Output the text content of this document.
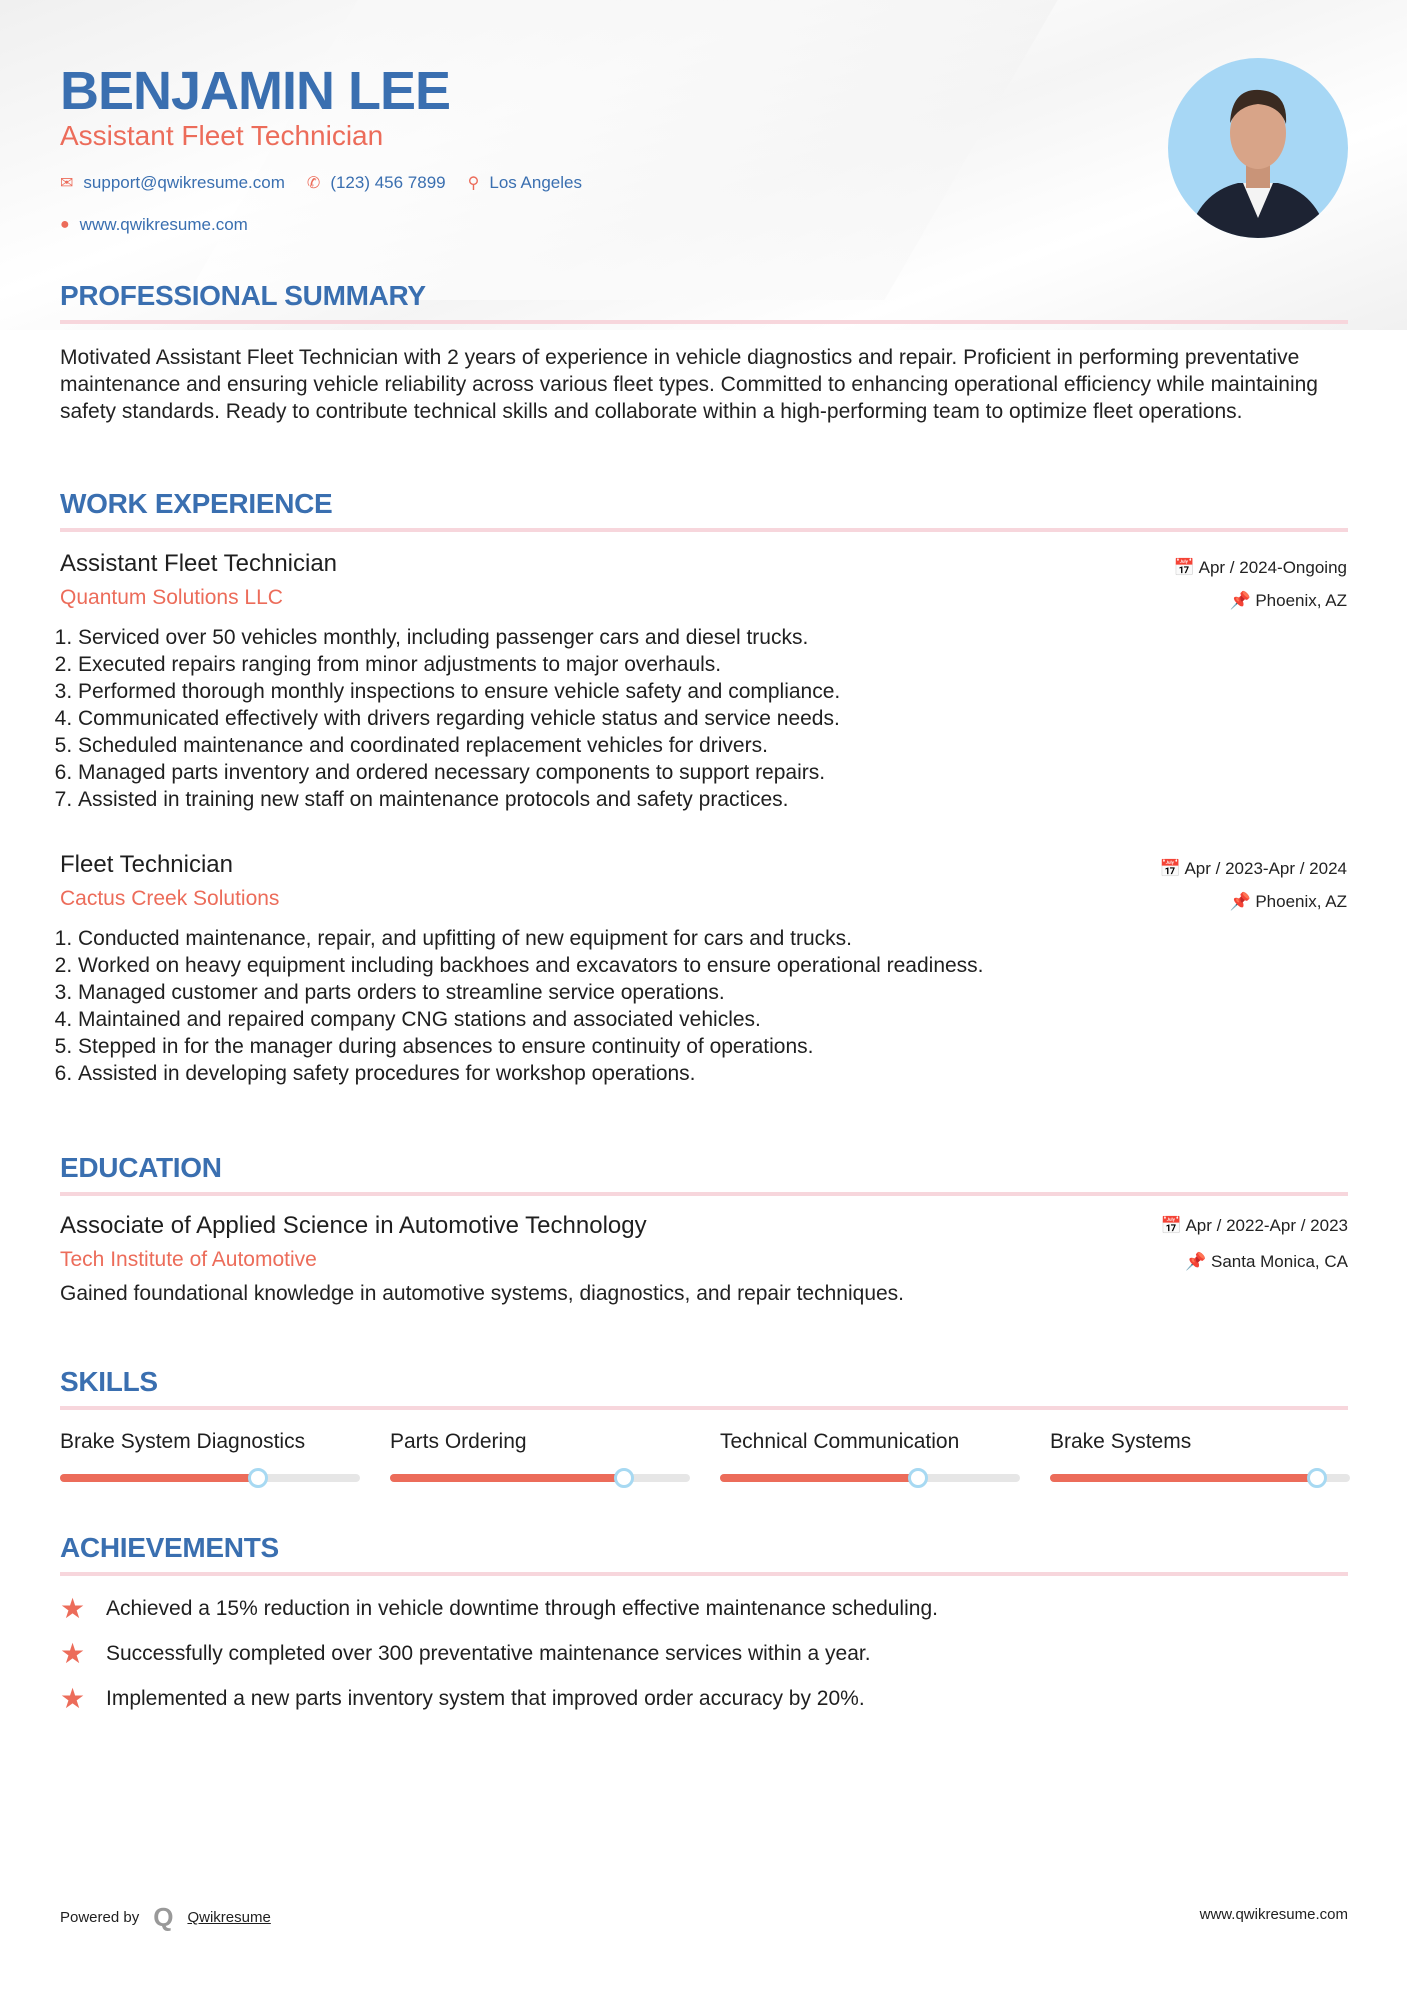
BENJAMIN LEE
Assistant Fleet Technician
✉ support@qwikresume.com ✆ (123) 456 7899 ⚲ Los Angeles
● www.qwikresume.com
PROFESSIONAL SUMMARY

Motivated Assistant Fleet Technician with 2 years of experience in vehicle diagnostics and repair. Proficient in performing preventative maintenance and ensuring vehicle reliability across various fleet types. Committed to enhancing operational efficiency while maintaining safety standards. Ready to contribute technical skills and collaborate within a high-performing team to optimize fleet operations.

WORK EXPERIENCE
Assistant Fleet Technician
Quantum Solutions LLC
📅 Apr / 2024-Ongoing
📌 Phoenix, AZ
1. Serviced over 50 vehicles monthly, including passenger cars and diesel trucks.
2. Executed repairs ranging from minor adjustments to major overhauls.
3. Performed thorough monthly inspections to ensure vehicle safety and compliance.
4. Communicated effectively with drivers regarding vehicle status and service needs.
5. Scheduled maintenance and coordinated replacement vehicles for drivers.
6. Managed parts inventory and ordered necessary components to support repairs.
7. Assisted in training new staff on maintenance protocols and safety practices.
Fleet Technician
Cactus Creek Solutions
📅 Apr / 2023-Apr / 2024
📌 Phoenix, AZ
1. Conducted maintenance, repair, and upfitting of new equipment for cars and trucks.
2. Worked on heavy equipment including backhoes and excavators to ensure operational readiness.
3. Managed customer and parts orders to streamline service operations.
4. Maintained and repaired company CNG stations and associated vehicles.
5. Stepped in for the manager during absences to ensure continuity of operations.
6. Assisted in developing safety procedures for workshop operations.
EDUCATION
Associate of Applied Science in Automotive Technology
Tech Institute of Automotive
📅 Apr / 2022-Apr / 2023
📌 Santa Monica, CA

Gained foundational knowledge in automotive systems, diagnostics, and repair techniques.

SKILLS
Brake System Diagnostics	Parts Ordering	Technical Communication	Brake Systems
ACHIEVEMENTS
★ Achieved a 15% reduction in vehicle downtime through effective maintenance scheduling.
★ Successfully completed over 300 preventative maintenance services within a year.
★ Implemented a new parts inventory system that improved order accuracy by 20%.
Powered by Q Qwikresume	www.qwikresume.com
